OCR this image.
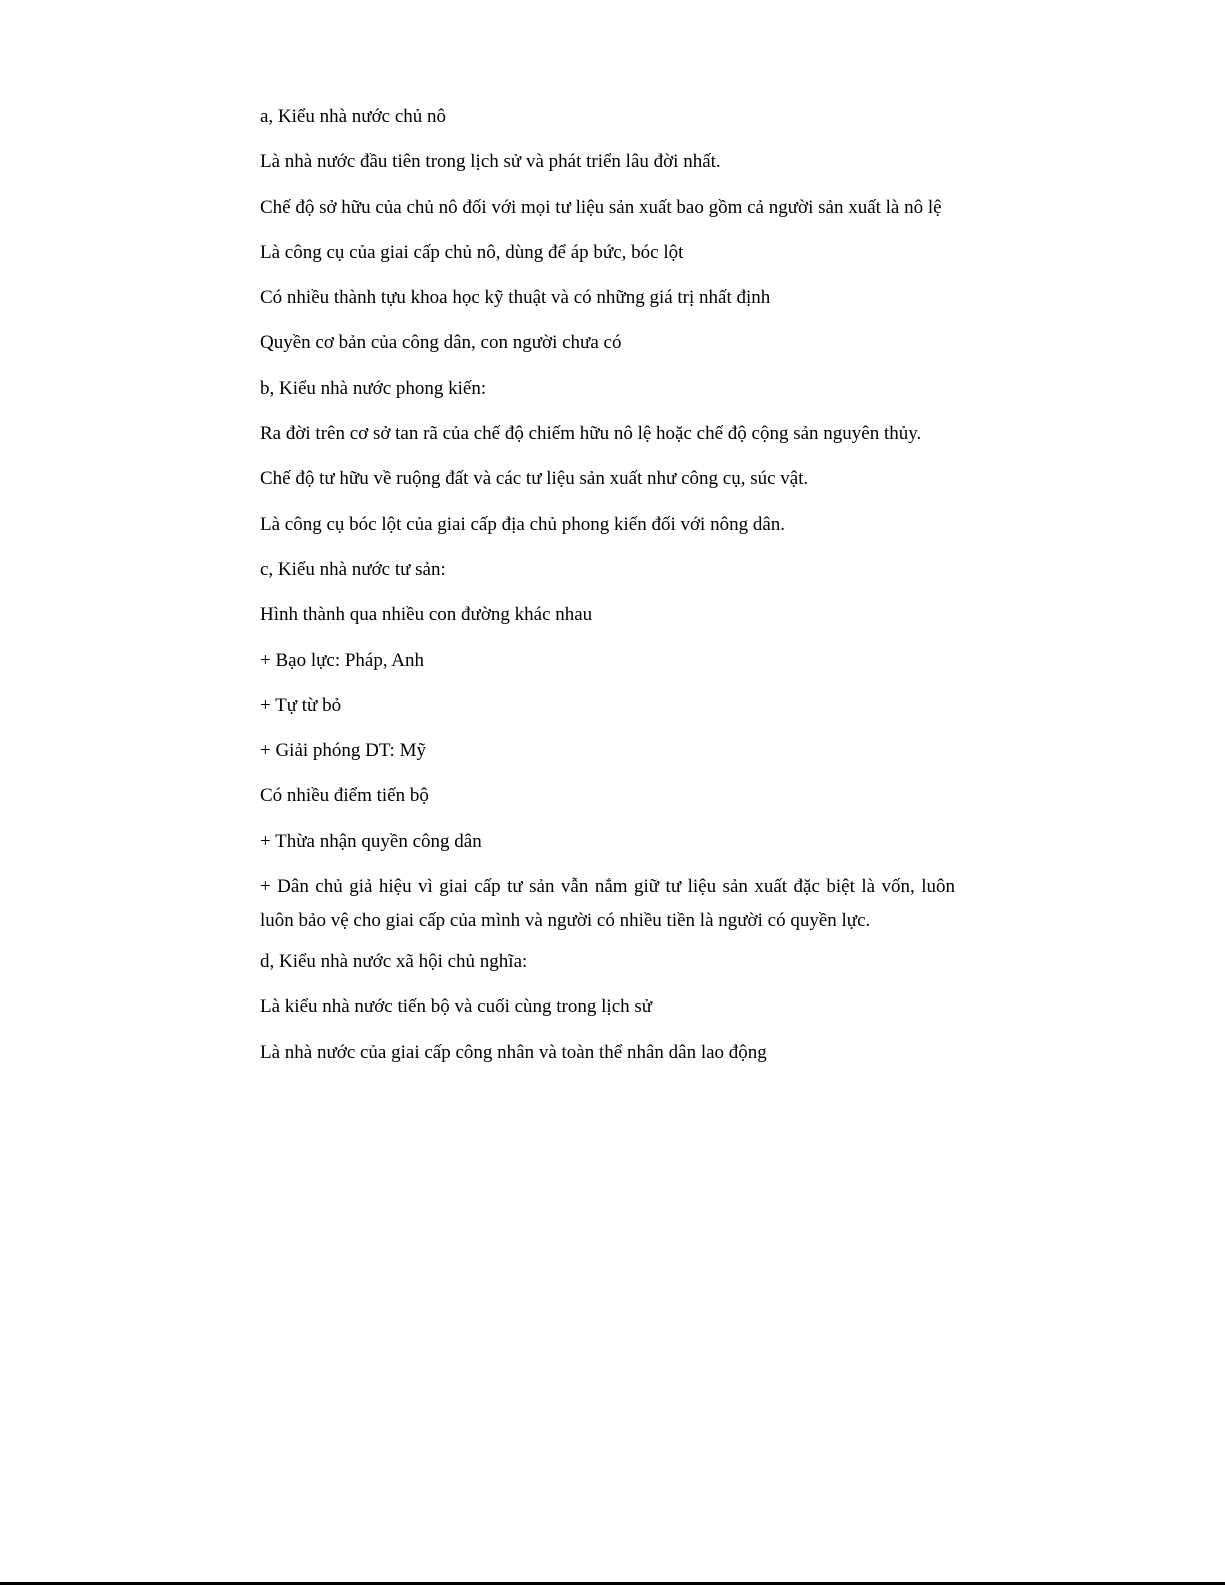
a, Kiểu nhà nước chủ nô

Là nhà nước đầu tiên trong lịch sử và phát triển lâu đời nhất.

Chế độ sở hữu của chủ nô đối với mọi tư liệu sản xuất bao gồm cả người sản xuất là nô lệ

Là công cụ của giai cấp chủ nô, dùng để áp bức, bóc lột

Có nhiều thành tựu khoa học kỹ thuật và có những giá trị nhất định

Quyền cơ bản của công dân, con người chưa có

b, Kiểu nhà nước phong kiến:

Ra đời trên cơ sở tan rã của chế độ chiếm hữu nô lệ hoặc chế độ cộng sản nguyên thủy.

Chế độ tư hữu về ruộng đất và các tư liệu sản xuất như công cụ, súc vật.

Là công cụ bóc lột của giai cấp địa chủ phong kiến đối với nông dân.

c, Kiểu nhà nước tư sản:

Hình thành qua nhiều con đường khác nhau

+ Bạo lực: Pháp, Anh

+ Tự từ bỏ

+ Giải phóng DT: Mỹ

Có nhiều điểm tiến bộ

+ Thừa nhận quyền công dân

+ Dân chủ giả hiệu vì giai cấp tư sản vẫn nắm giữ tư liệu sản xuất đặc biệt là vốn, luôn luôn bảo vệ cho giai cấp của mình và người có nhiều tiền là người có quyền lực.

d, Kiểu nhà nước xã hội chủ nghĩa:

Là kiểu nhà nước tiến bộ và cuối cùng trong lịch sử

Là nhà nước của giai cấp công nhân và toàn thể nhân dân lao động
